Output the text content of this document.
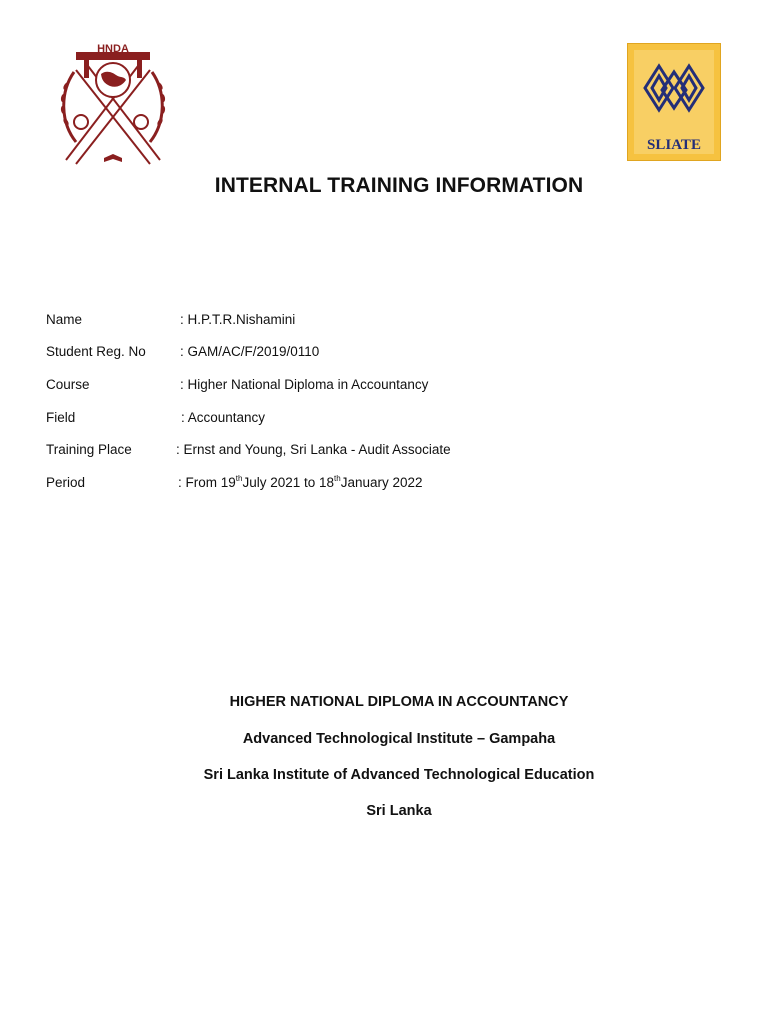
HNDA
SLIATE
INTERNAL TRAINING INFORMATION
Name	: H.P.T.R.Nishamini
Student Reg. No	: GAM/AC/F/2019/0110
Course	: Higher National Diploma in Accountancy
Field	: Accountancy
Training Place	: Ernst and Young, Sri Lanka - Audit Associate
Period	: From 19thJuly 2021 to 18thJanuary 2022
HIGHER NATIONAL DIPLOMA IN ACCOUNTANCY
Advanced Technological Institute – Gampaha
Sri Lanka Institute of Advanced Technological Education
Sri Lanka
